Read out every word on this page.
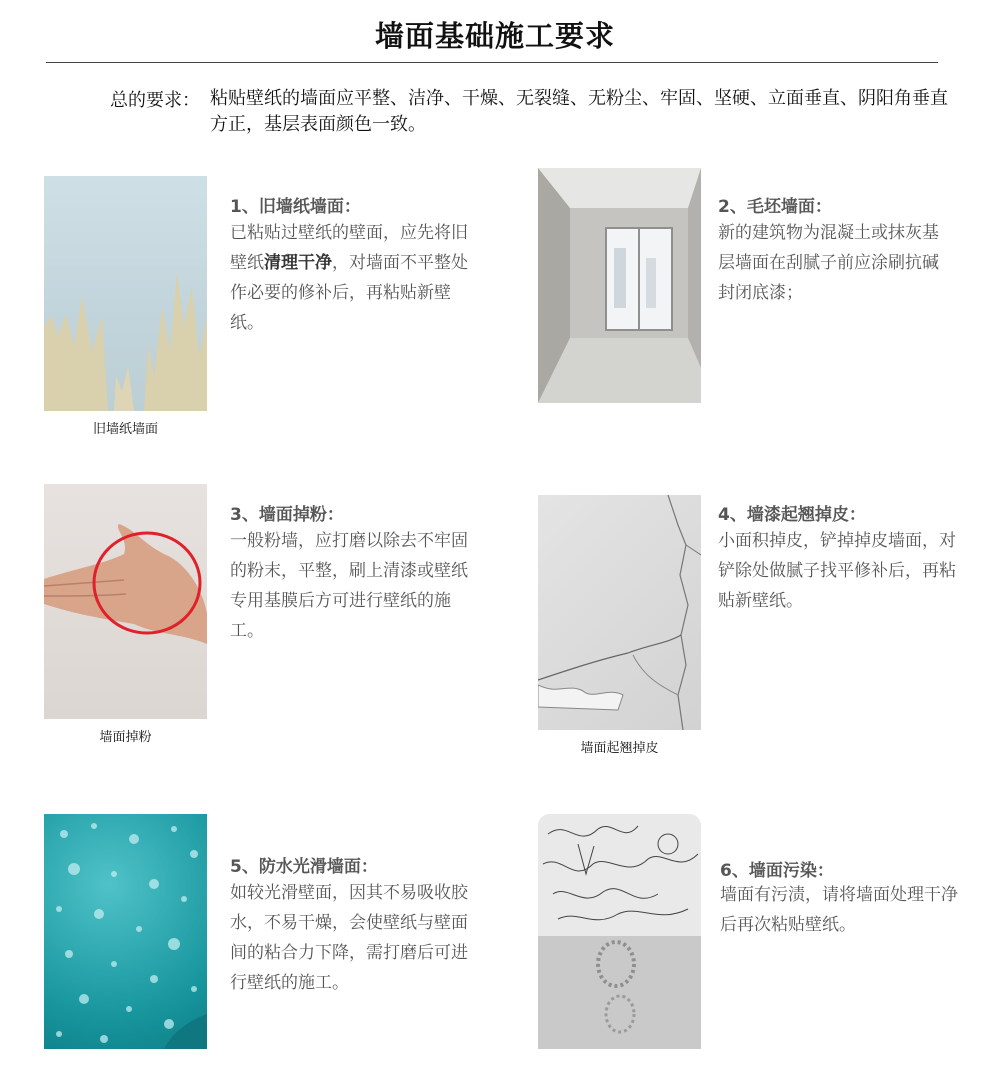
墙面基础施工要求
总的要求： 粘贴壁纸的墙面应平整、洁净、干燥、无裂缝、无粉尘、牢固、坚硬、立面垂直、阴阳角垂直方正，基层表面颜色一致。
旧墙纸墙面
1、旧墙纸墙面：
已粘贴过壁纸的壁面，应先将旧壁纸清理干净，对墙面不平整处作必要的修补后，再粘贴新壁纸。
2、毛坯墙面：
新的建筑物为混凝土或抹灰基层墙面在刮腻子前应涂刷抗碱封闭底漆；
墙面掉粉
3、墙面掉粉：
一般粉墙，应打磨以除去不牢固的粉末，平整，刷上清漆或壁纸专用基膜后方可进行壁纸的施工。
墙面起翘掉皮
4、墙漆起翘掉皮：
小面积掉皮，铲掉掉皮墙面，对铲除处做腻子找平修补后，再粘贴新壁纸。
5、防水光滑墙面：
如较光滑壁面，因其不易吸收胶水，不易干燥，会使壁纸与壁面间的粘合力下降，需打磨后可进行壁纸的施工。
6、墙面污染：
墙面有污渍，请将墙面处理干净后再次粘贴壁纸。
